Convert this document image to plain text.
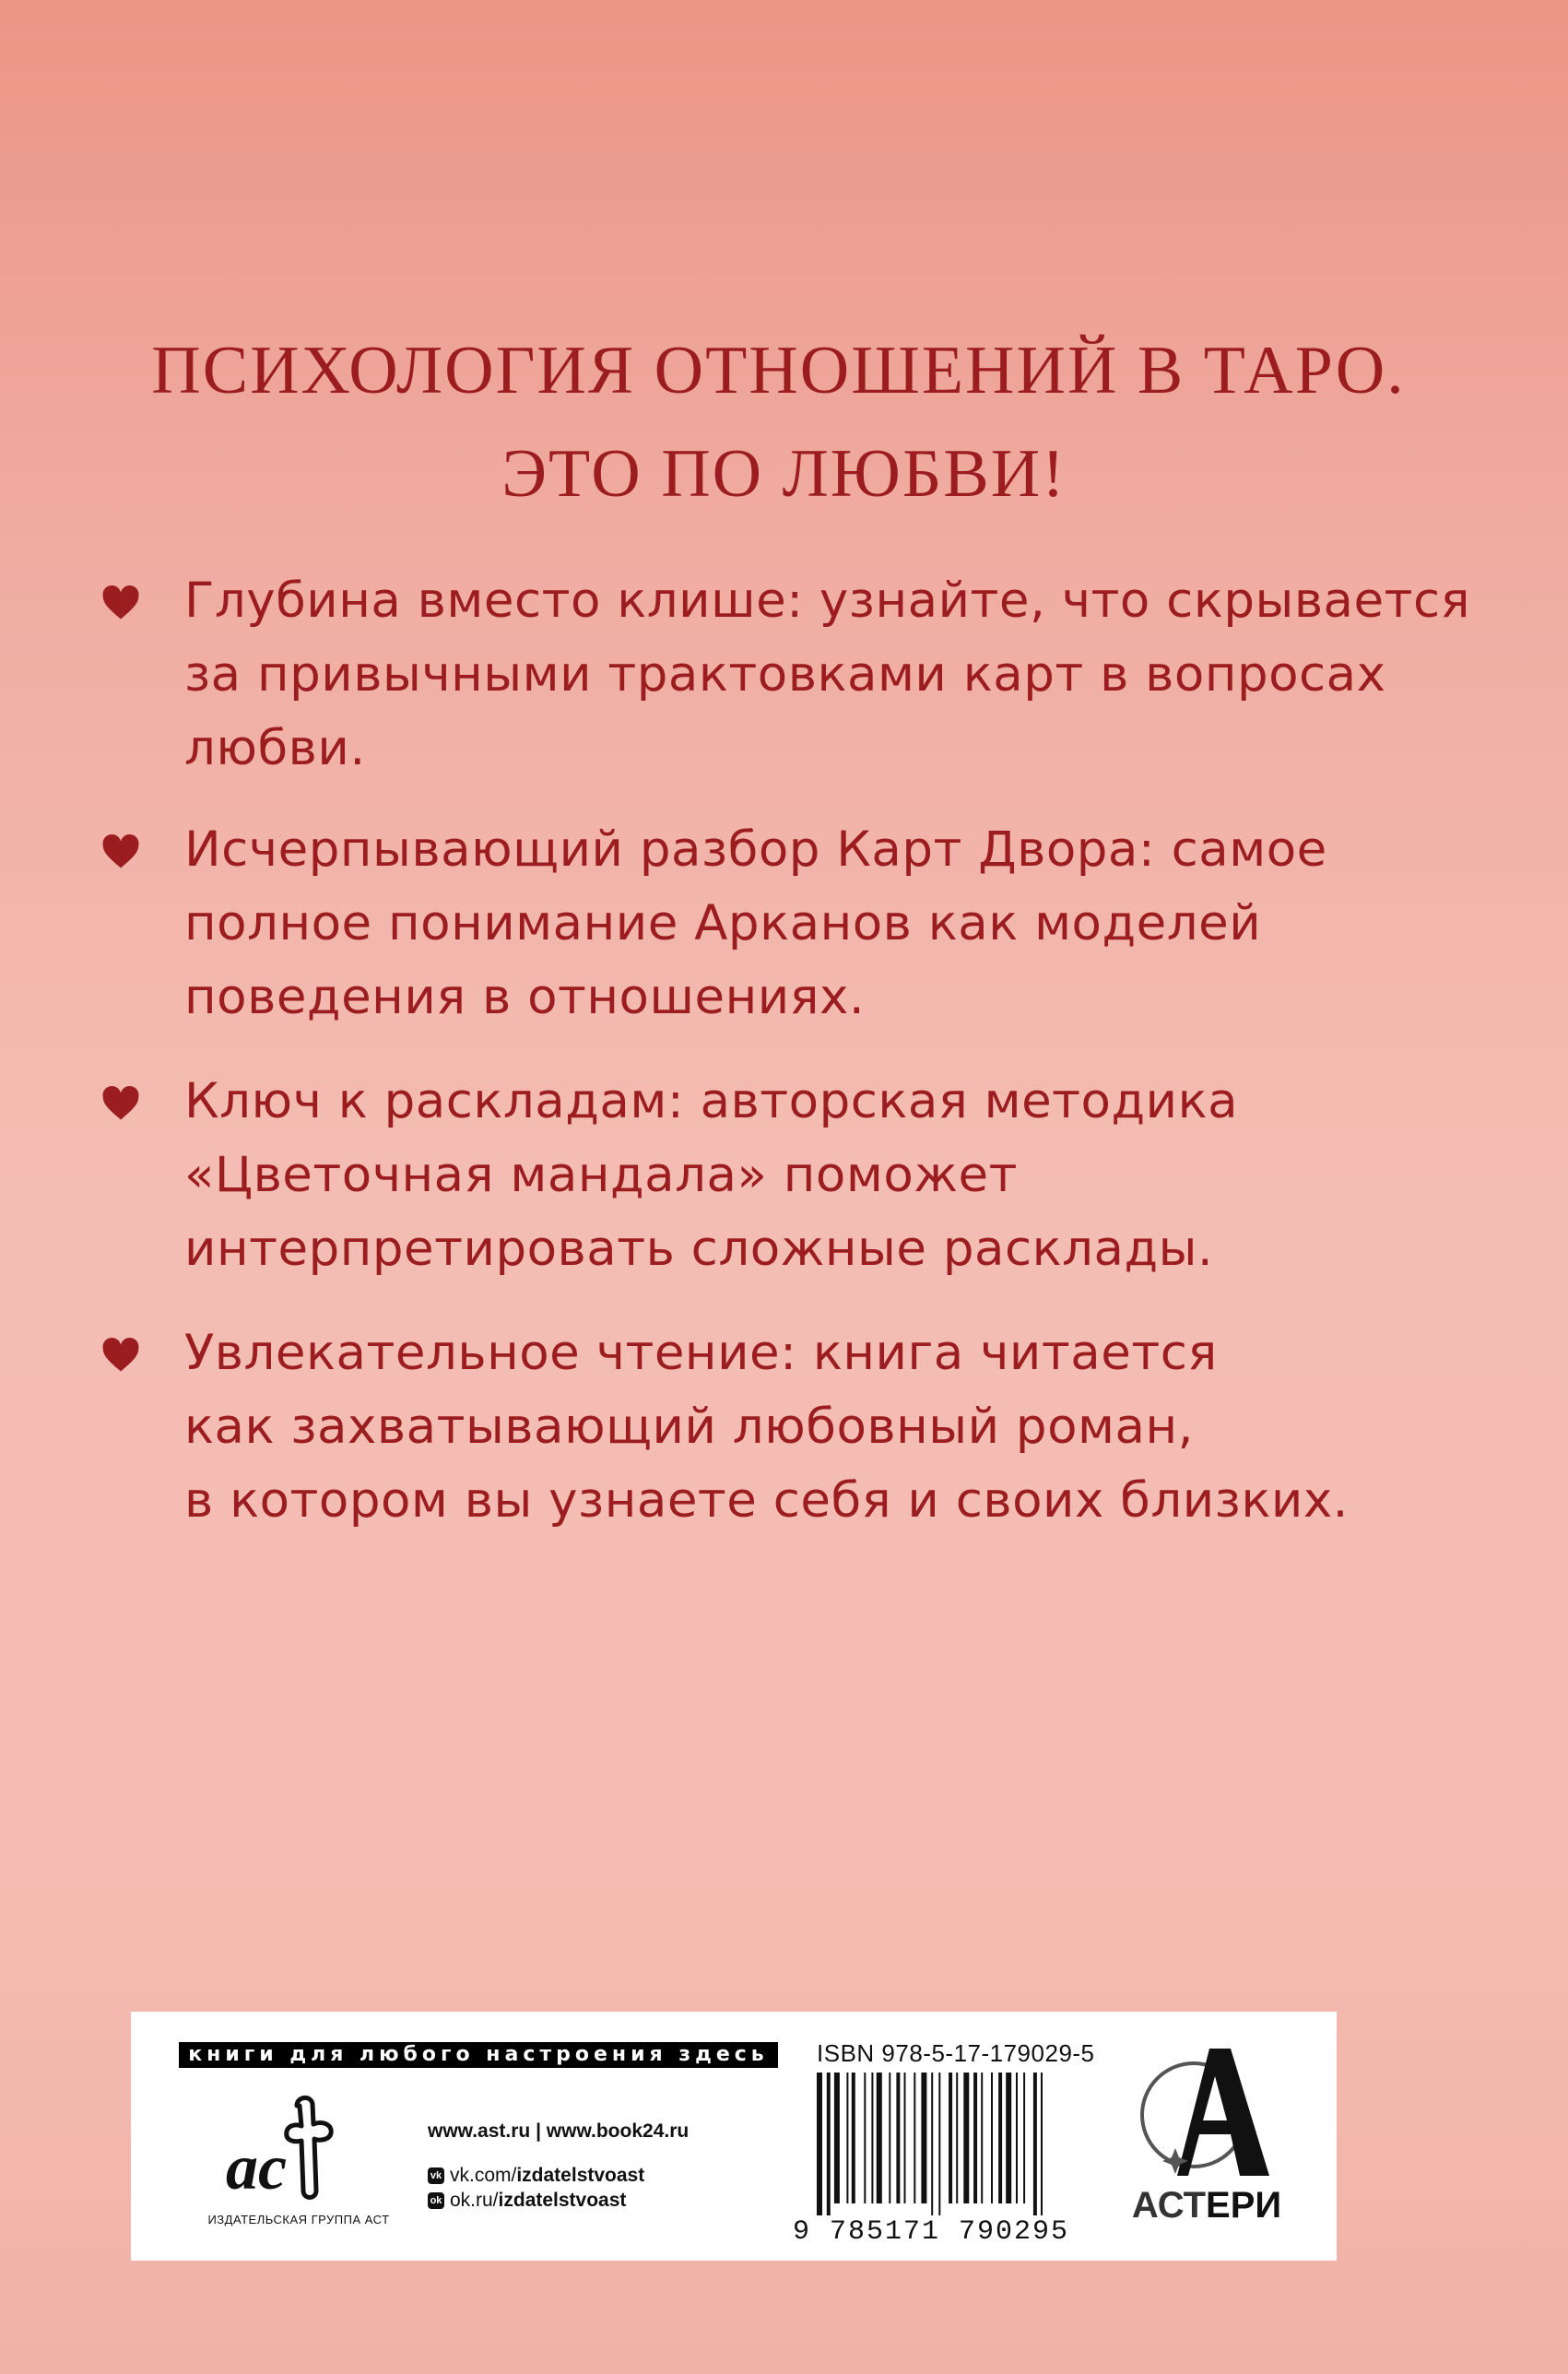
ПСИХОЛОГИЯ ОТНОШЕНИЙ В ТАРО.
ЭТО ПО ЛЮБВИ!
Глубина вместо клише: узнайте, что скрывается
за привычными трактовками карт в вопросах
любви.
Исчерпывающий разбор Карт Двора: самое
полное понимание Арканов как моделей
поведения в отношениях.
Ключ к раскладам: авторская методика
«Цветочная мандала» поможет
интерпретировать сложные расклады.
Увлекательное чтение: книга читается
как захватывающий любовный роман,
в котором вы узнаете себя и своих близких.
книги для любого настроения здесь
ac
ИЗДАТЕЛЬСКАЯ ГРУППА АСТ
www.ast.ru | www.book24.ru
vk vk.com/izdatelstvoast
ok ok.ru/izdatelstvoast
ISBN 978-5-17-179029-5
9 785171 790295
АСТЕРИ
